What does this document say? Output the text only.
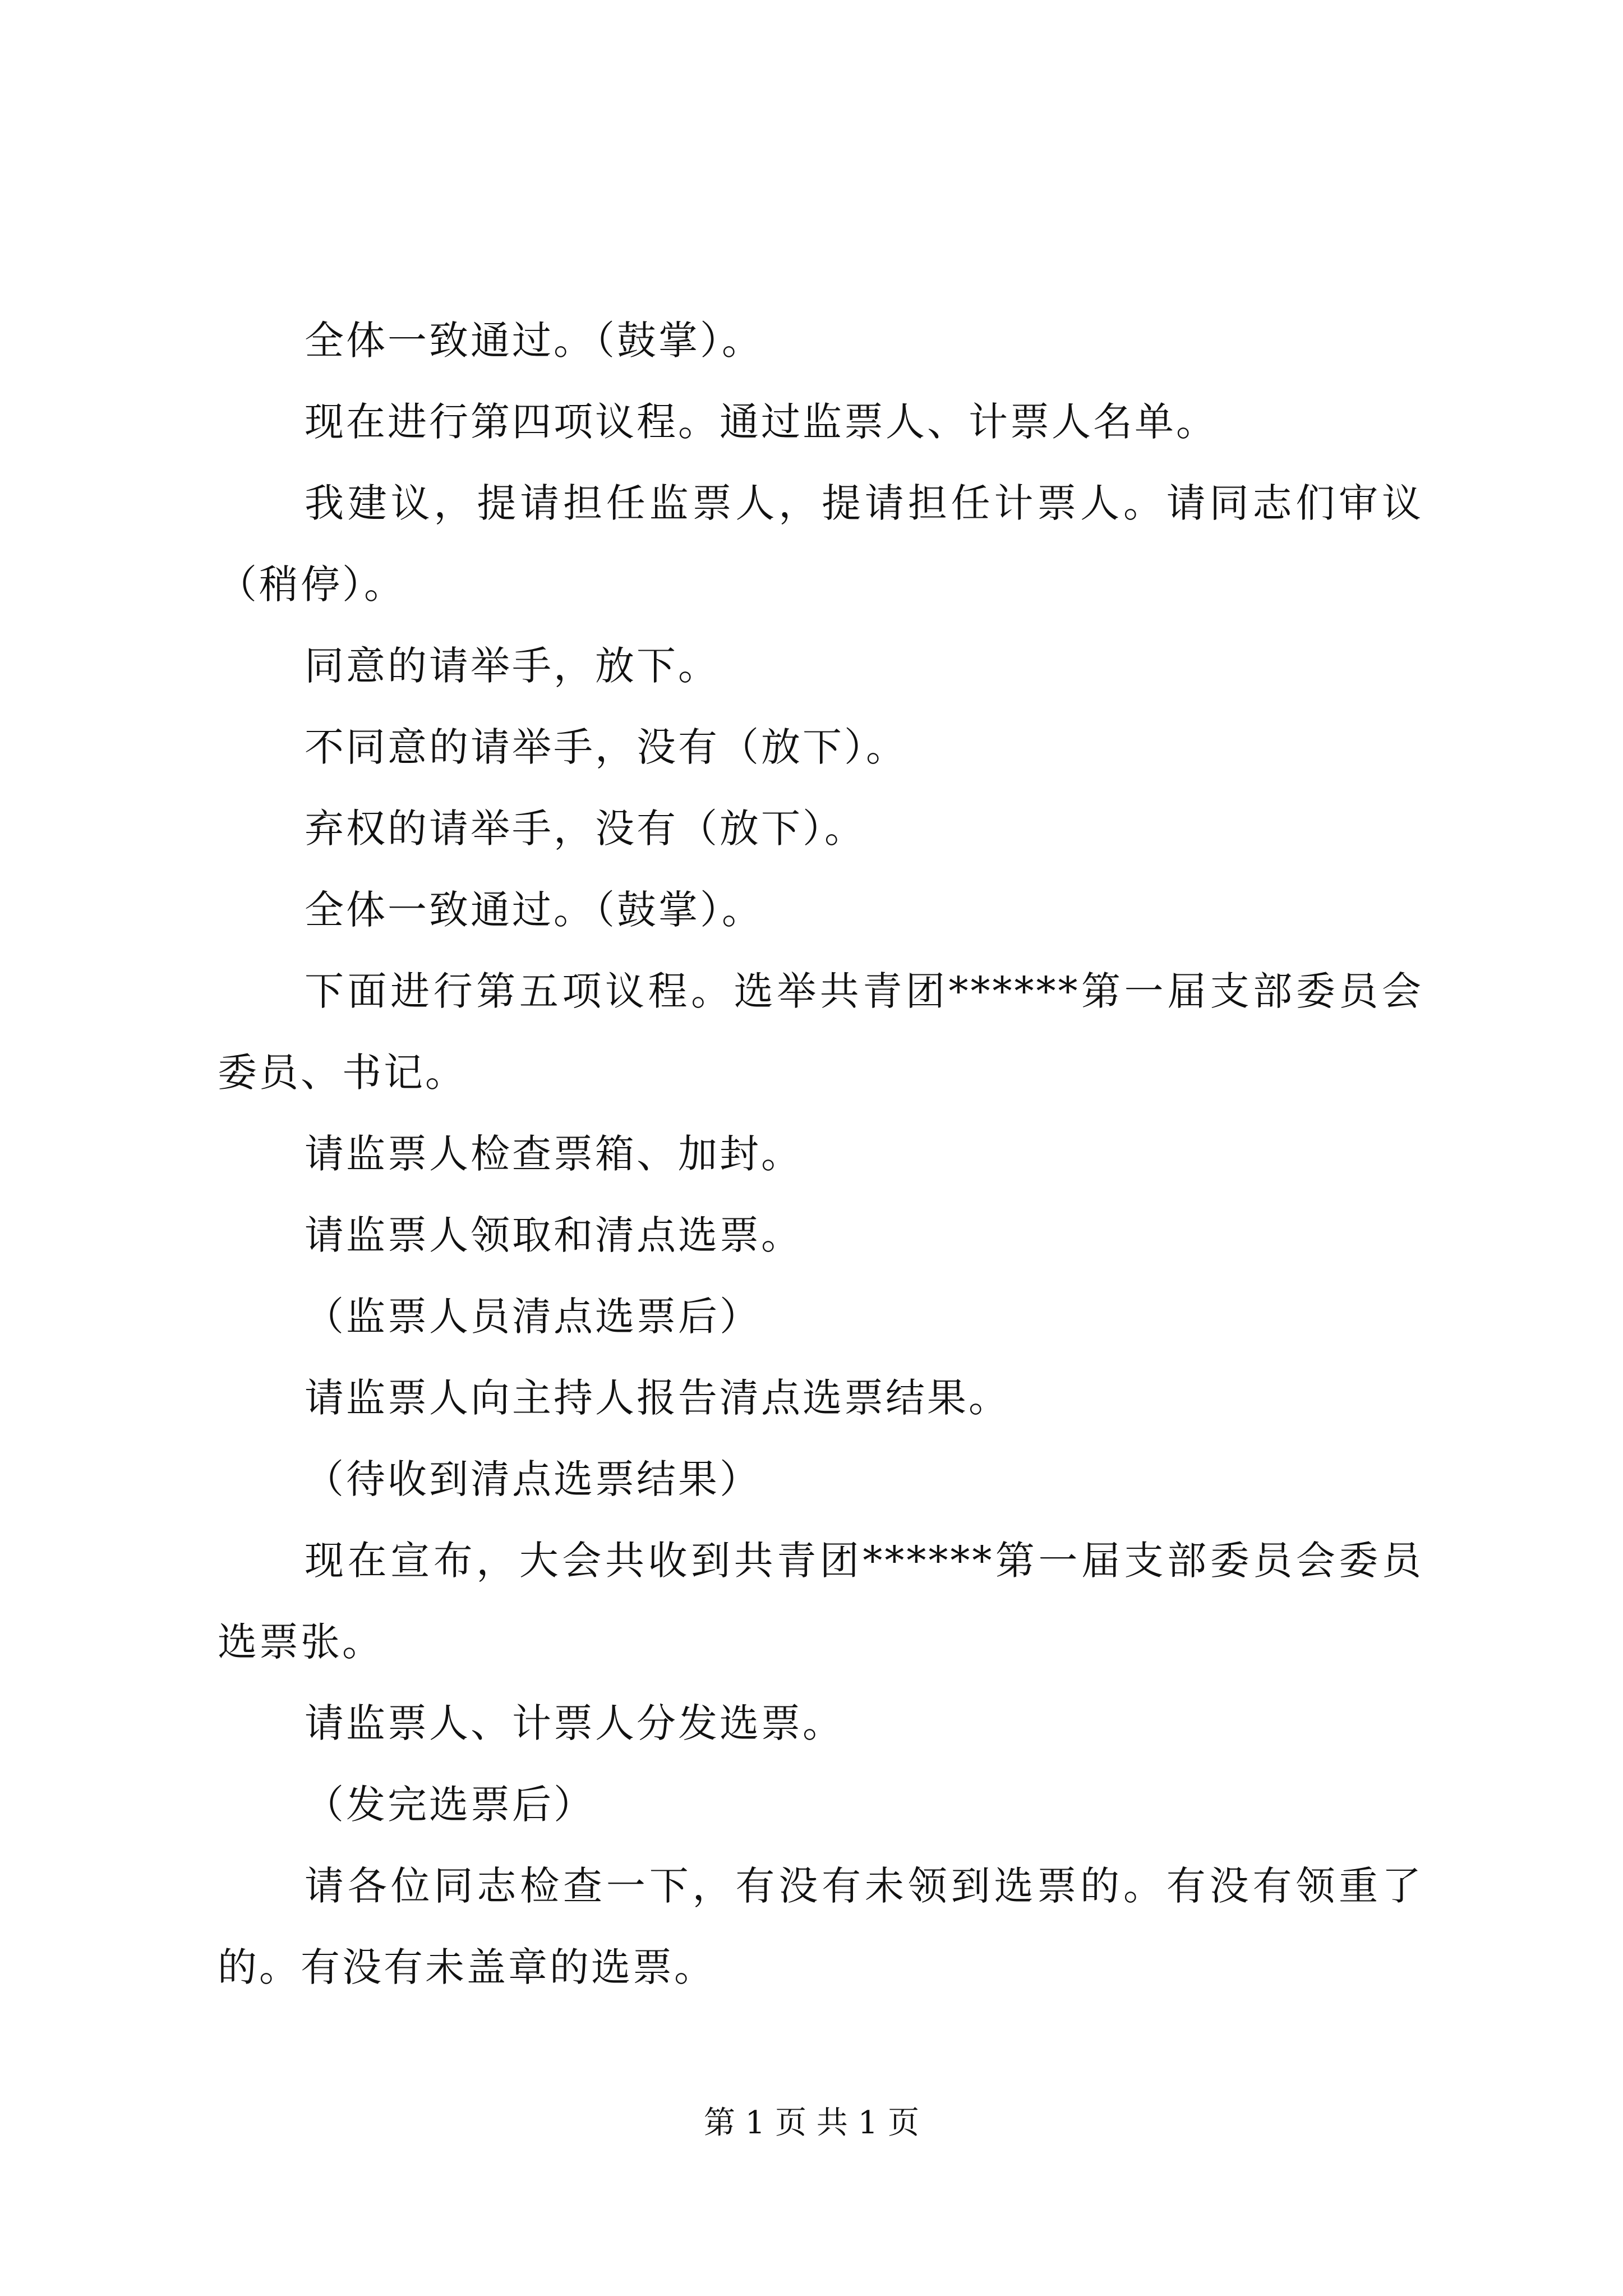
全体一致通过。（鼓掌）。

现在进行第四项议程。通过监票人、计票人名单。

我建议，提请担任监票人，提请担任计票人。请同志们审议（稍停）。

同意的请举手，放下。

不同意的请举手，没有（放下）。

弃权的请举手，没有（放下）。

全体一致通过。（鼓掌）。

下面进行第五项议程。选举共青团******第一届支部委员会委员、书记。

请监票人检查票箱、加封。

请监票人领取和清点选票。

（监票人员清点选票后）

请监票人向主持人报告清点选票结果。

（待收到清点选票结果）

现在宣布，大会共收到共青团******第一届支部委员会委员选票张。

请监票人、计票人分发选票。

（发完选票后）

请各位同志检查一下，有没有未领到选票的。有没有领重了的。有没有未盖章的选票。

第 1 页 共 1 页
